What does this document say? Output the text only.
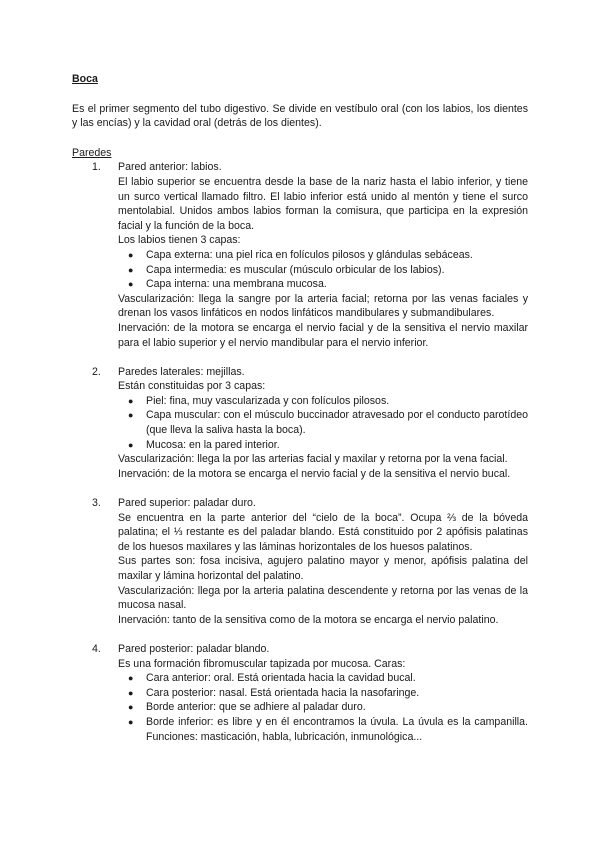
Boca

Es el primer segmento del tubo digestivo. Se divide en vestíbulo oral (con los labios, los dientes y las encías) y la cavidad oral (detrás de los dientes).
Paredes
1. Pared anterior: labios.
El labio superior se encuentra desde la base de la nariz hasta el labio inferior, y tiene un surco vertical llamado filtro. El labio inferior está unido al mentón y tiene el surco mentolabial. Unidos ambos labios forman la comisura, que participa en la expresión facial y la función de la boca.
Los labios tienen 3 capas:
● Capa externa: una piel rica en folículos pilosos y glándulas sebáceas.
● Capa intermedia: es muscular (músculo orbicular de los labios).
● Capa interna: una membrana mucosa.
Vascularización: llega la sangre por la arteria facial; retorna por las venas faciales y drenan los vasos linfáticos en nodos linfáticos mandibulares y submandibulares.
Inervación: de la motora se encarga el nervio facial y de la sensitiva el nervio maxilar para el labio superior y el nervio mandibular para el nervio inferior.
2. Paredes laterales: mejillas.
Están constituidas por 3 capas:
● Piel: fina, muy vascularizada y con folículos pilosos.
● Capa muscular: con el músculo buccinador atravesado por el conducto parotídeo (que lleva la saliva hasta la boca).
● Mucosa: en la pared interior.
Vascularización: llega la por las arterias facial y maxilar y retorna por la vena facial.
Inervación: de la motora se encarga el nervio facial y de la sensitiva el nervio bucal.
3. Pared superior: paladar duro.
Se encuentra en la parte anterior del “cielo de la boca”. Ocupa ⅔ de la bóveda palatina; el ⅓ restante es del paladar blando. Está constituido por 2 apófisis palatinas de los huesos maxilares y las láminas horizontales de los huesos palatinos.
Sus partes son: fosa incisiva, agujero palatino mayor y menor, apófisis palatina del maxilar y lámina horizontal del palatino.
Vascularización: llega por la arteria palatina descendente y retorna por las venas de la mucosa nasal.
Inervación: tanto de la sensitiva como de la motora se encarga el nervio palatino.
4. Pared posterior: paladar blando.
Es una formación fibromuscular tapizada por mucosa. Caras:
● Cara anterior: oral. Está orientada hacia la cavidad bucal.
● Cara posterior: nasal. Está orientada hacia la nasofaringe.
● Borde anterior: que se adhiere al paladar duro.
● Borde inferior: es libre y en él encontramos la úvula. La úvula es la campanilla. Funciones: masticación, habla, lubricación, inmunológica...
